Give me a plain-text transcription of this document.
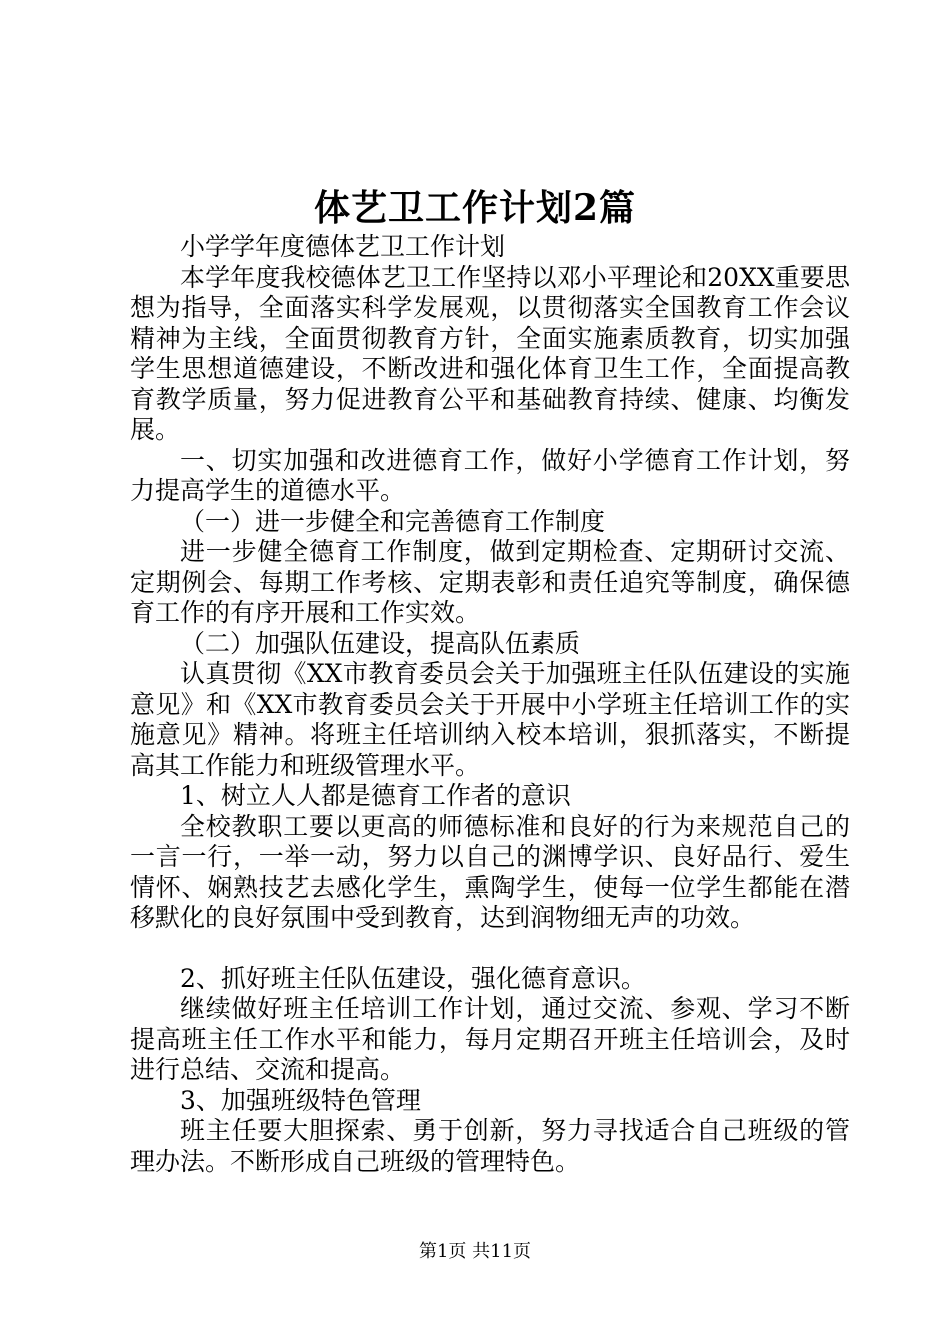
体艺卫工作计划2篇

小学学年度德体艺卫工作计划

本学年度我校德体艺卫工作坚持以邓小平理论和20XX重要思想为指导，全面落实科学发展观，以贯彻落实全国教育工作会议精神为主线，全面贯彻教育方针，全面实施素质教育，切实加强学生思想道德建设，不断改进和强化体育卫生工作，全面提高教育教学质量，努力促进教育公平和基础教育持续、健康、均衡发展。

一、切实加强和改进德育工作，做好小学德育工作计划，努力提高学生的道德水平。

（一）进一步健全和完善德育工作制度

进一步健全德育工作制度，做到定期检查、定期研讨交流、定期例会、每期工作考核、定期表彰和责任追究等制度，确保德育工作的有序开展和工作实效。

（二）加强队伍建设，提高队伍素质

认真贯彻《XX市教育委员会关于加强班主任队伍建设的实施意见》和《XX市教育委员会关于开展中小学班主任培训工作的实施意见》精神。将班主任培训纳入校本培训，狠抓落实，不断提高其工作能力和班级管理水平。

1、树立人人都是德育工作者的意识

全校教职工要以更高的师德标准和良好的行为来规范自己的一言一行，一举一动，努力以自己的渊博学识、良好品行、爱生情怀、娴熟技艺去感化学生，熏陶学生，使每一位学生都能在潜移默化的良好氛围中受到教育，达到润物细无声的功效。

2、抓好班主任队伍建设，强化德育意识。

继续做好班主任培训工作计划，通过交流、参观、学习不断提高班主任工作水平和能力，每月定期召开班主任培训会，及时进行总结、交流和提高。

3、加强班级特色管理

班主任要大胆探索、勇于创新，努力寻找适合自己班级的管理办法。不断形成自己班级的管理特色。

第1页 共11页
